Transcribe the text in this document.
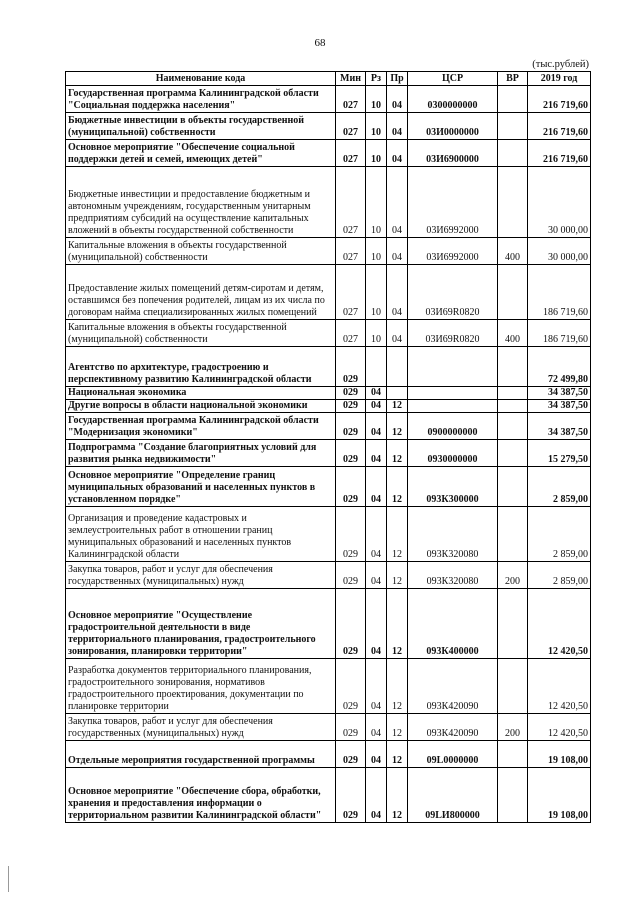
68
(тыс.рублей)
Наименование кода	Мин	Рз	Пр	ЦСР	ВР	2019 год
Государственная программа Калининградской области "Социальная поддержка населения"	027	10	04	0300000000		216 719,60
Бюджетные инвестиции в объекты государственной (муниципальной) собственности	027	10	04	03И0000000		216 719,60
Основное мероприятие "Обеспечение социальной поддержки детей и семей, имеющих детей"	027	10	04	03И6900000		216 719,60
Бюджетные инвестиции и предоставление бюджетным и автономным учреждениям, государственным унитарным предприятиям субсидий на осуществление капитальных вложений в объекты государственной собственности	027	10	04	03И6992000		30 000,00
Капитальные вложения в объекты государственной (муниципальной) собственности	027	10	04	03И6992000	400	30 000,00
Предоставление жилых помещений детям-сиротам и детям, оставшимся без попечения родителей, лицам из их числа по договорам найма специализированных жилых помещений	027	10	04	03И69R0820		186 719,60
Капитальные вложения в объекты государственной (муниципальной) собственности	027	10	04	03И69R0820	400	186 719,60
Агентство по архитектуре, градостроению и перспективному развитию Калининградской области	029					72 499,80
Национальная экономика	029	04				34 387,50
Другие вопросы в области национальной экономики	029	04	12			34 387,50
Государственная программа Калининградской области "Модернизация экономики"	029	04	12	0900000000		34 387,50
Подпрограмма "Создание благоприятных условий для развития рынка недвижимости"	029	04	12	0930000000		15 279,50
Основное мероприятие "Определение границ муниципальных образований и населенных пунктов в установленном порядке"	029	04	12	093К300000		2 859,00
Организация и проведение кадастровых и землеустроительных работ в отношении границ муниципальных образований и населенных пунктов Калининградской области	029	04	12	093К320080		2 859,00
Закупка товаров, работ и услуг для обеспечения государственных (муниципальных) нужд	029	04	12	093К320080	200	2 859,00
Основное мероприятие "Осуществление градостроительной деятельности в виде территориального планирования, градостроительного зонирования, планировки территории"	029	04	12	093К400000		12 420,50
Разработка документов территориального планирования, градостроительного зонирования, нормативов градостроительного проектирования, документации по планировке территории	029	04	12	093К420090		12 420,50
Закупка товаров, работ и услуг для обеспечения государственных (муниципальных) нужд	029	04	12	093К420090	200	12 420,50
Отдельные мероприятия государственной программы	029	04	12	09L0000000		19 108,00
Основное мероприятие "Обеспечение сбора, обработки, хранения и предоставления информации о территориальном развитии Калининградской области"	029	04	12	09LИ800000		19 108,00
